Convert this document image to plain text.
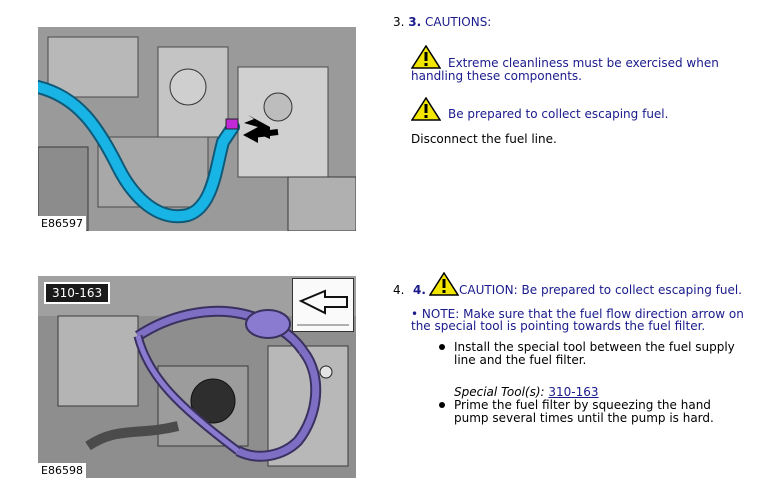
E86597
310-163
E86598
3. 3. CAUTIONS:
Extreme cleanliness must be exercised when
handling these components.
Be prepared to collect escaping fuel.
Disconnect the fuel line.
4. 4.	CAUTION: Be prepared to collect escaping fuel.
• NOTE: Make sure that the fuel flow direction arrow on
the special tool is pointing towards the fuel filter.
Install the special tool between the fuel supply
line and the fuel filter.
Special Tool(s): 310-163
Prime the fuel filter by squeezing the hand
pump several times until the pump is hard.
